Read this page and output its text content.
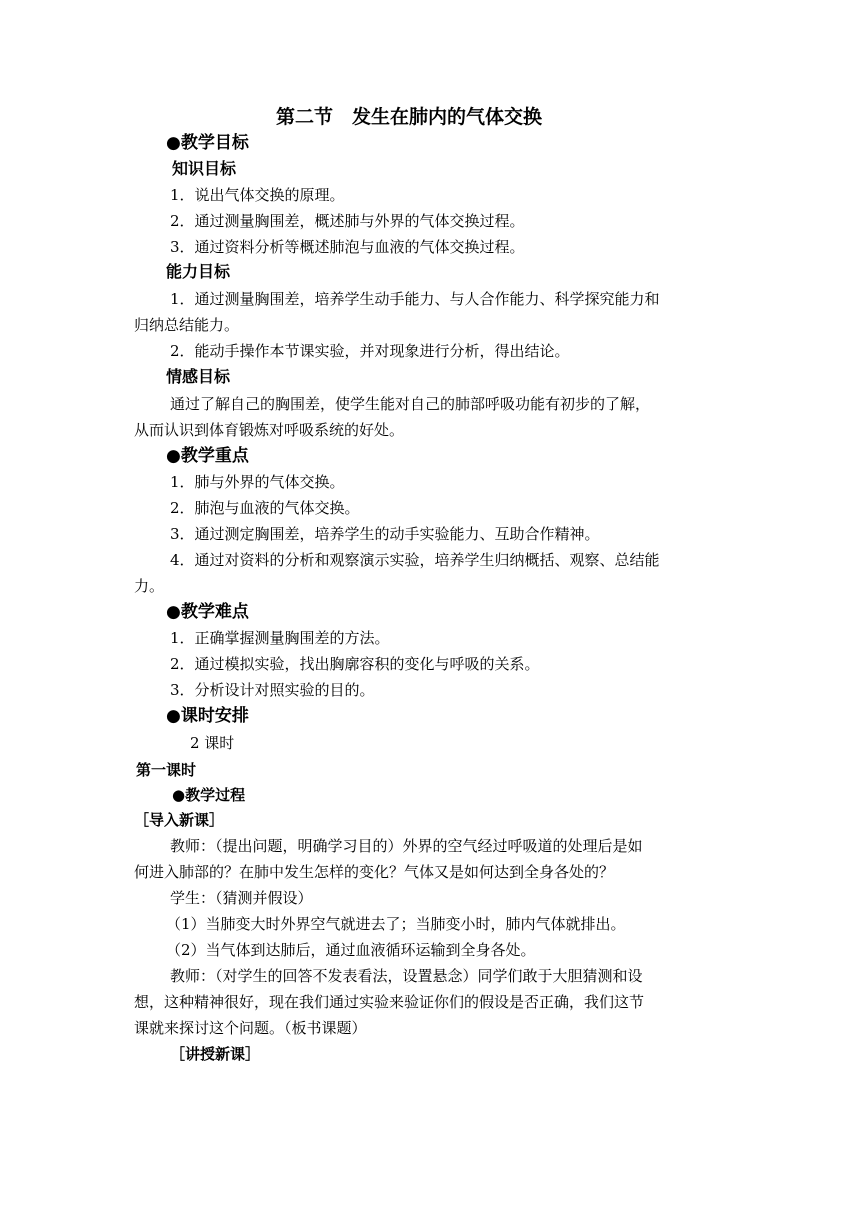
第二节　发生在肺内的气体交换
●教学目标
知识目标
1．说出气体交换的原理。
2．通过测量胸围差，概述肺与外界的气体交换过程。
3．通过资料分析等概述肺泡与血液的气体交换过程。
能力目标
1．通过测量胸围差，培养学生动手能力、与人合作能力、科学探究能力和
归纳总结能力。
2．能动手操作本节课实验，并对现象进行分析，得出结论。
情感目标
通过了解自己的胸围差，使学生能对自己的肺部呼吸功能有初步的了解，
从而认识到体育锻炼对呼吸系统的好处。
●教学重点
1．肺与外界的气体交换。
2．肺泡与血液的气体交换。
3．通过测定胸围差，培养学生的动手实验能力、互助合作精神。
4．通过对资料的分析和观察演示实验，培养学生归纳概括、观察、总结能
力。
●教学难点
1．正确掌握测量胸围差的方法。
2．通过模拟实验，找出胸廓容积的变化与呼吸的关系。
3．分析设计对照实验的目的。
●课时安排
2 课时
第一课时
●教学过程
［导入新课］
教师：（提出问题，明确学习目的）外界的空气经过呼吸道的处理后是如
何进入肺部的？在肺中发生怎样的变化？气体又是如何达到全身各处的？
学生：（猜测并假设）
（1）当肺变大时外界空气就进去了；当肺变小时，肺内气体就排出。
（2）当气体到达肺后，通过血液循环运输到全身各处。
教师：（对学生的回答不发表看法，设置悬念）同学们敢于大胆猜测和设
想，这种精神很好，现在我们通过实验来验证你们的假设是否正确，我们这节
课就来探讨这个问题。（板书课题）
［讲授新课］
